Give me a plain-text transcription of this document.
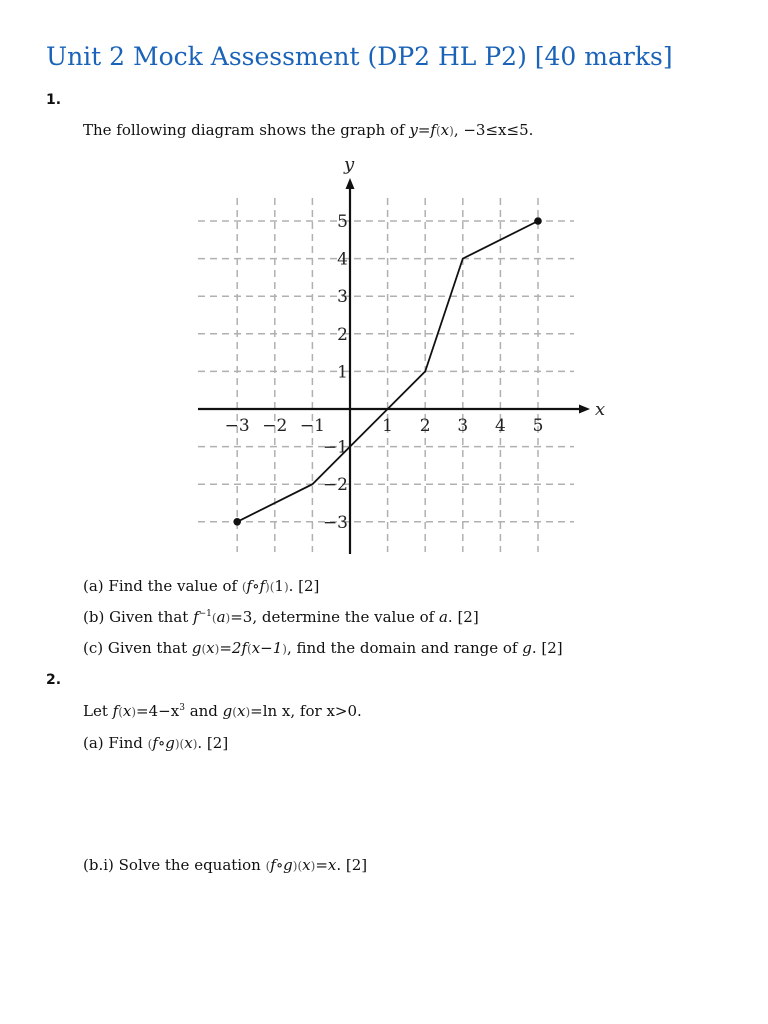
Unit 2 Mock Assessment (DP2 HL P2) [40 marks]
1.
The following diagram shows the graph of y=f(x), −3≤x≤5.
x
y
−3 −2 −1	1 2 3 4 5
5
4
3
2
1
−1
−2
−3
(a) Find the value of (f∘f)(1). [2]
(b) Given that $f^{-1}(a)=3$, determine the value of a. [2]
(c) Given that g(x)=2f(x−1), find the domain and range of g. [2]
2.
Let $f(x)=4-x^3$ and g(x)=ln x, for x>0.
(a) Find (f∘g)(x). [2]
(b.i) Solve the equation (f∘g)(x)=x. [2]
